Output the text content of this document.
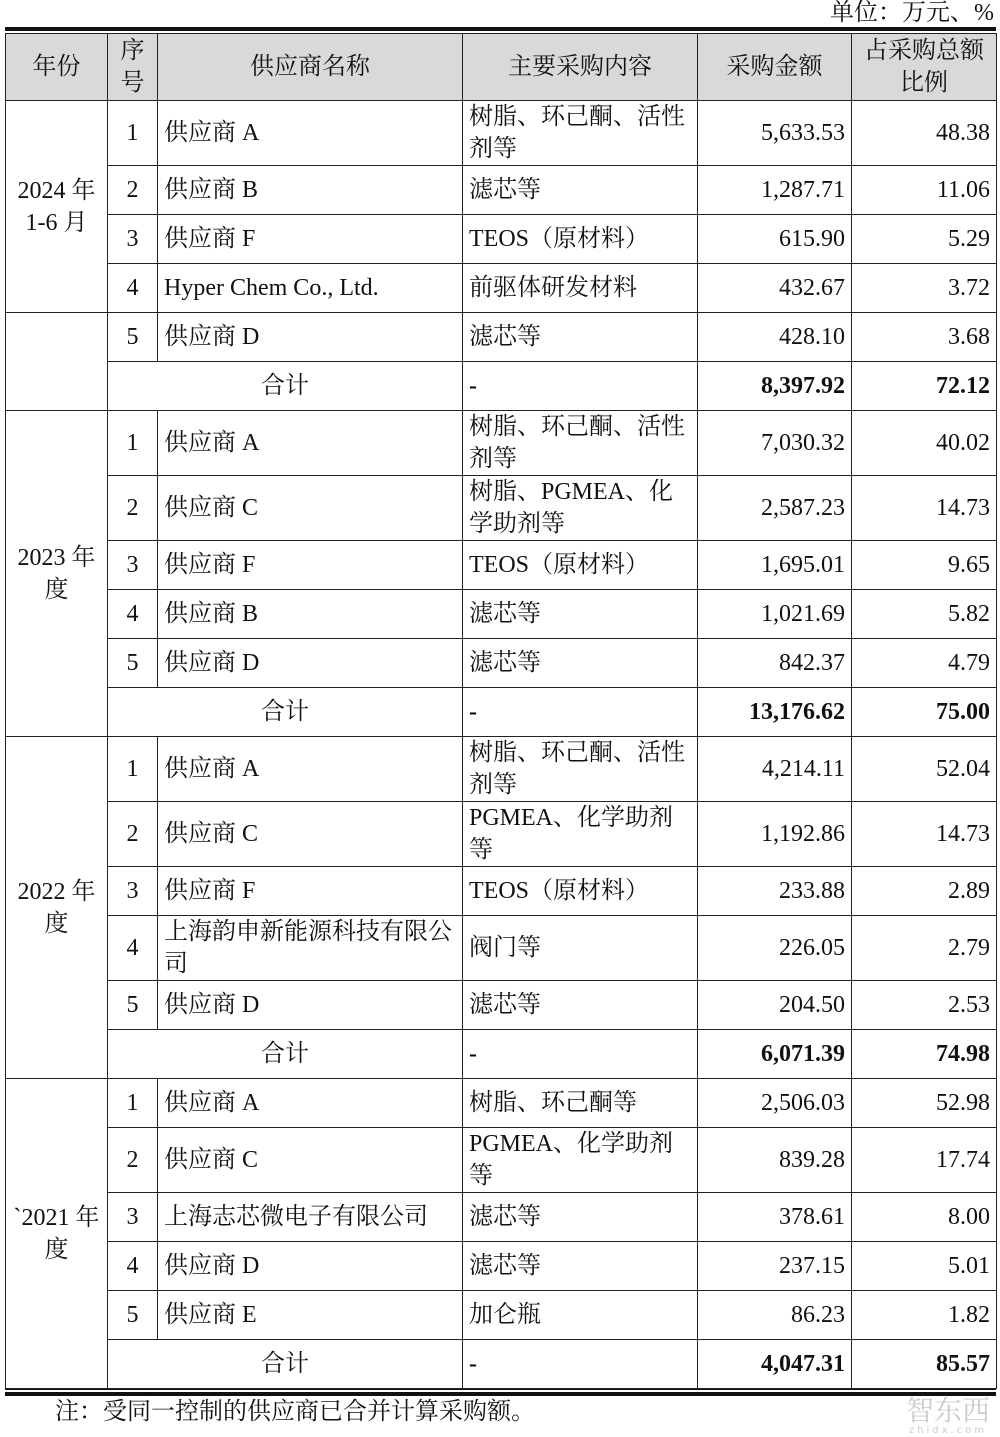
单位：万元、%
年份	序号	供应商名称	主要采购内容	采购金额	占采购总额比例
2024 年 1-6 月	1	供应商 A	树脂、环己酮、活性剂等	5,633.53	48.38
	2	供应商 B	滤芯等	1,287.71	11.06
	3	供应商 F	TEOS（原材料）	615.90	5.29
	4	Hyper Chem Co., Ltd.	前驱体研发材料	432.67	3.72
	5	供应商 D	滤芯等	428.10	3.68
	合计		-	8,397.92	72.12
2023 年度	1	供应商 A	树脂、环己酮、活性剂等	7,030.32	40.02
	2	供应商 C	树脂、PGMEA、化学助剂等	2,587.23	14.73
	3	供应商 F	TEOS（原材料）	1,695.01	9.65
	4	供应商 B	滤芯等	1,021.69	5.82
	5	供应商 D	滤芯等	842.37	4.79
	合计		-	13,176.62	75.00
2022 年度	1	供应商 A	树脂、环己酮、活性剂等	4,214.11	52.04
	2	供应商 C	PGMEA、化学助剂等	1,192.86	14.73
	3	供应商 F	TEOS（原材料）	233.88	2.89
	4	上海韵申新能源科技有限公司	阀门等	226.05	2.79
	5	供应商 D	滤芯等	204.50	2.53
	合计		-	6,071.39	74.98
`2021 年度	1	供应商 A	树脂、环己酮等	2,506.03	52.98
	2	供应商 C	PGMEA、化学助剂等	839.28	17.74
	3	上海志芯微电子有限公司	滤芯等	378.61	8.00
	4	供应商 D	滤芯等	237.15	5.01
	5	供应商 E	加仑瓶	86.23	1.82
	合计		-	4,047.31	85.57
注：受同一控制的供应商已合并计算采购额。	智东西
zhidx.com
